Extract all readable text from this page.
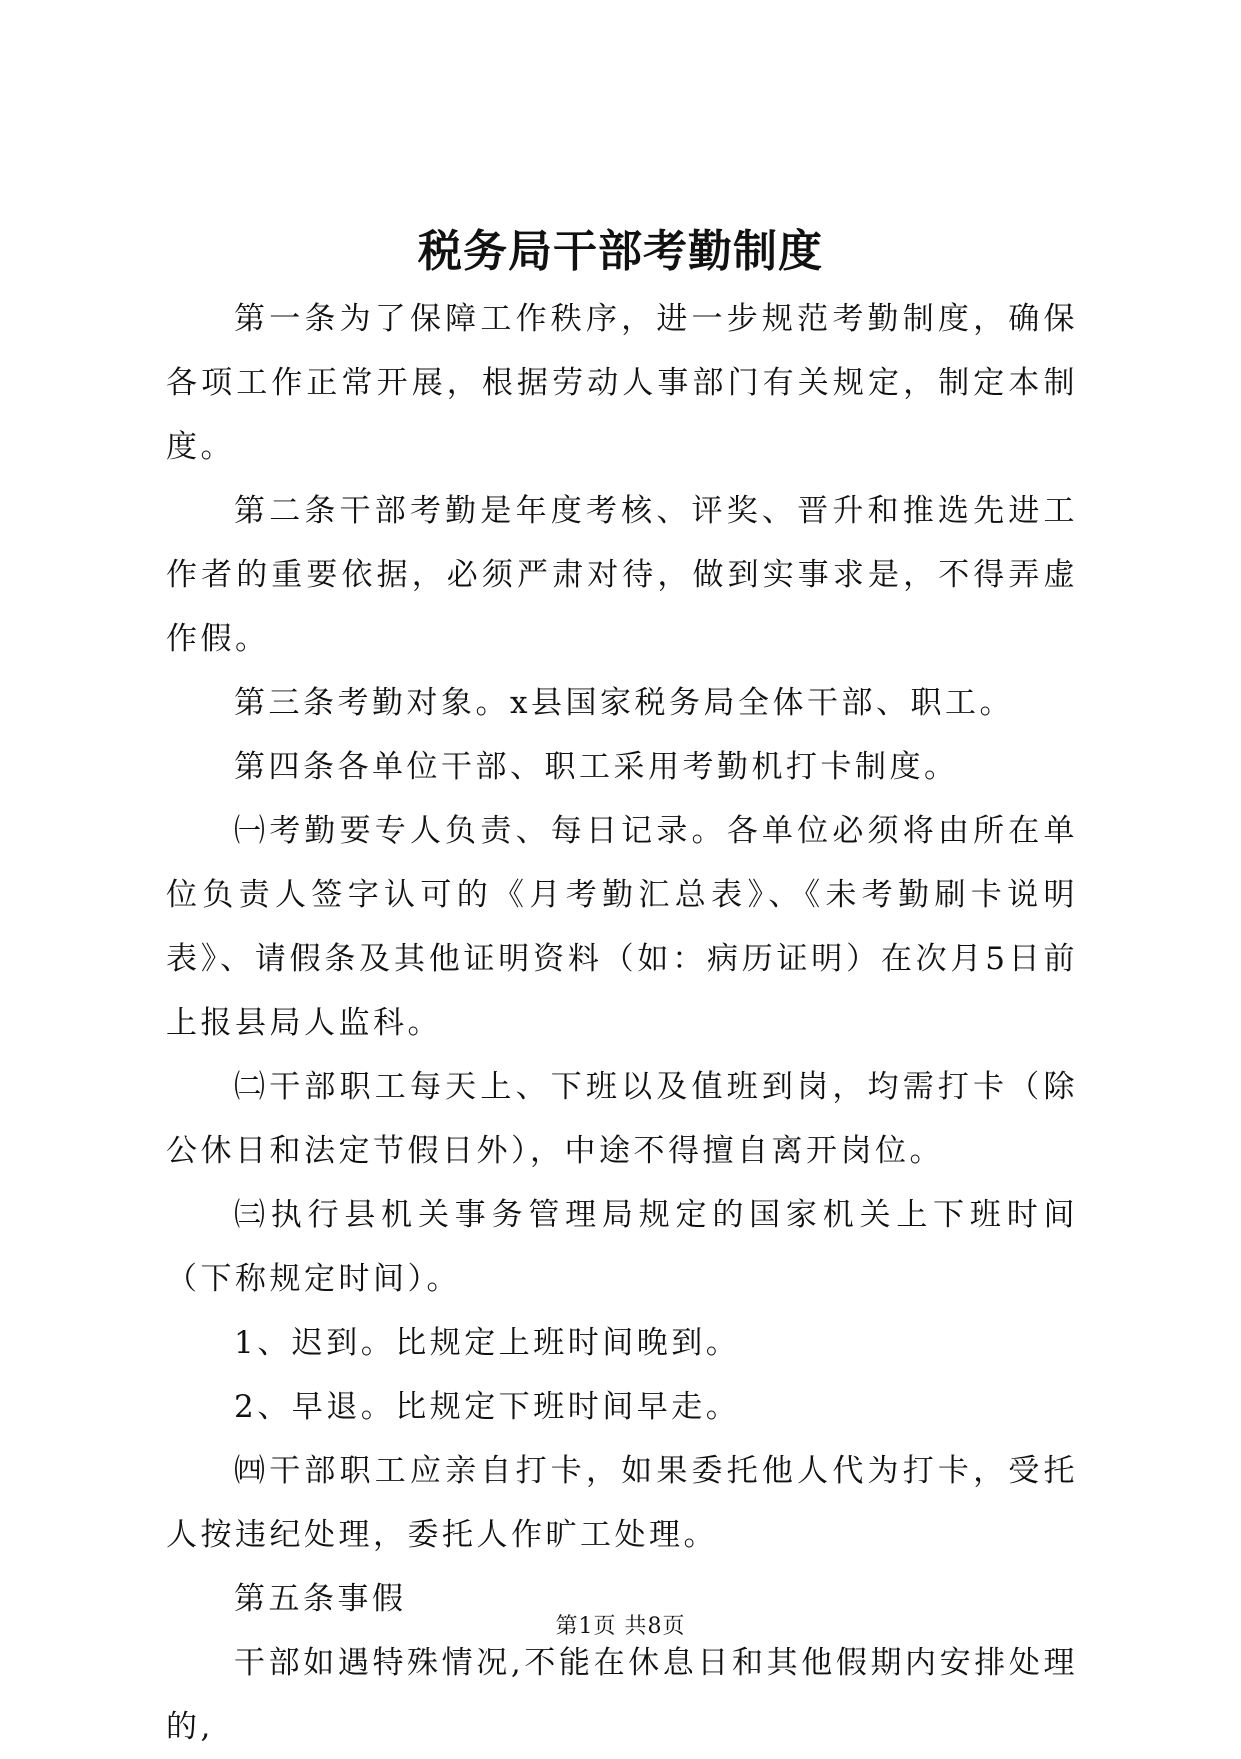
税务局干部考勤制度

第一条为了保障工作秩序，进一步规范考勤制度，确保各项工作正常开展，根据劳动人事部门有关规定，制定本制度。

第二条干部考勤是年度考核、评奖、晋升和推选先进工作者的重要依据，必须严肃对待，做到实事求是，不得弄虚作假。

第三条考勤对象。x县国家税务局全体干部、职工。

第四条各单位干部、职工采用考勤机打卡制度。

㈠考勤要专人负责、每日记录。各单位必须将由所在单位负责人签字认可的《月考勤汇总表》、《未考勤刷卡说明表》、请假条及其他证明资料（如：病历证明）在次月5日前上报县局人监科。

㈡干部职工每天上、下班以及值班到岗，均需打卡（除公休日和法定节假日外），中途不得擅自离开岗位。

㈢执行县机关事务管理局规定的国家机关上下班时间（下称规定时间）。

1、迟到。比规定上班时间晚到。

2、早退。比规定下班时间早走。

㈣干部职工应亲自打卡，如果委托他人代为打卡，受托人按违纪处理，委托人作旷工处理。

第五条事假

干部如遇特殊情况,不能在休息日和其他假期内安排处理的,

第1页 共8页
